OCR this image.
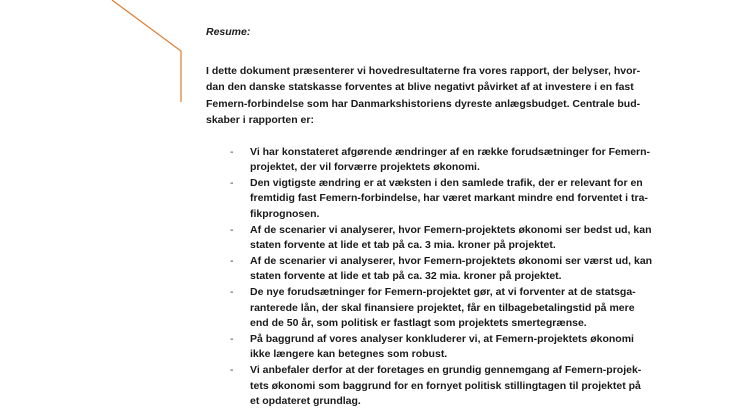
Resume:

I dette dokument præsenterer vi hovedresultaterne fra vores rapport, der belyser, hvor-
dan den danske statskasse forventes at blive negativt påvirket af at investere i en fast
Femern-forbindelse som har Danmarkshistoriens dyreste anlægsbudget. Centrale bud-
skaber i rapporten er:

- Vi har konstateret afgørende ændringer af en række forudsætninger for Femern-
projektet, der vil forværre projektets økonomi.
- Den vigtigste ændring er at væksten i den samlede trafik, der er relevant for en
fremtidig fast Femern-forbindelse, har været markant mindre end forventet i tra-
fikprognosen.
- Af de scenarier vi analyserer, hvor Femern-projektets økonomi ser bedst ud, kan
staten forvente at lide et tab på ca. 3 mia. kroner på projektet.
- Af de scenarier vi analyserer, hvor Femern-projektets økonomi ser værst ud, kan
staten forvente at lide et tab på ca. 32 mia. kroner på projektet.
- De nye forudsætninger for Femern-projektet gør, at vi forventer at de statsga-
ranterede lån, der skal finansiere projektet, får en tilbagebetalingstid på mere
end de 50 år, som politisk er fastlagt som projektets smertegrænse.
- På baggrund af vores analyser konkluderer vi, at Femern-projektets økonomi
ikke længere kan betegnes som robust.
- Vi anbefaler derfor at der foretages en grundig gennemgang af Femern-projek-
tets økonomi som baggrund for en fornyet politisk stillingtagen til projektet på
et opdateret grundlag.
